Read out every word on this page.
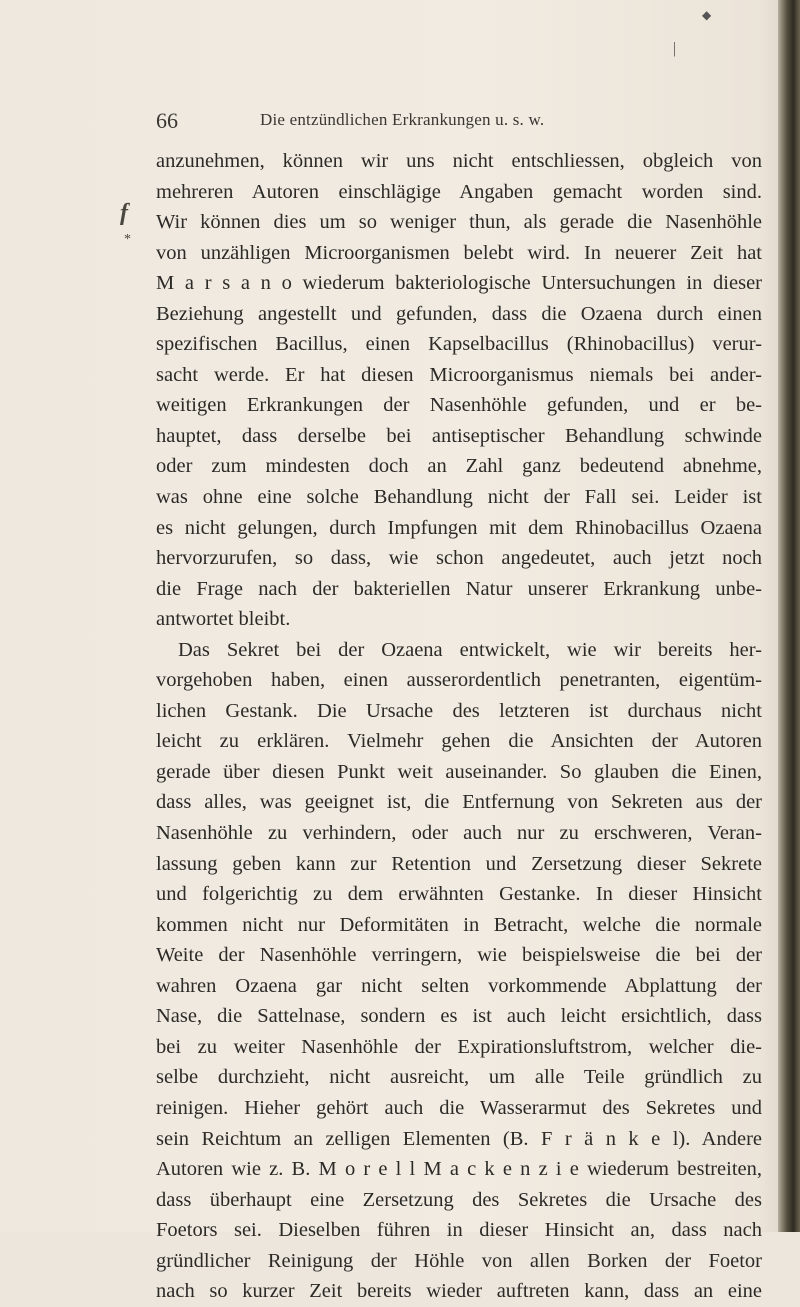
◆
|
66	Die entzündlichen Erkrankungen u. s. w.
f
*
anzunehmen, können wir uns nicht entschliessen, obgleich von
mehreren Autoren einschlägige Angaben gemacht worden sind.
Wir können dies um so weniger thun, als gerade die Nasenhöhle
von unzähligen Microorganismen belebt wird. In neuerer Zeit hat
M a r s a n o wiederum bakteriologische Untersuchungen in dieser
Beziehung angestellt und gefunden, dass die Ozaena durch einen
spezifischen Bacillus, einen Kapselbacillus (Rhinobacillus) verur-
sacht werde. Er hat diesen Microorganismus niemals bei ander-
weitigen Erkrankungen der Nasenhöhle gefunden, und er be-
hauptet, dass derselbe bei antiseptischer Behandlung schwinde
oder zum mindesten doch an Zahl ganz bedeutend abnehme,
was ohne eine solche Behandlung nicht der Fall sei. Leider ist
es nicht gelungen, durch Impfungen mit dem Rhinobacillus Ozaena
hervorzurufen, so dass, wie schon angedeutet, auch jetzt noch
die Frage nach der bakteriellen Natur unserer Erkrankung unbe-
antwortet bleibt.
Das Sekret bei der Ozaena entwickelt, wie wir bereits her-
vorgehoben haben, einen ausserordentlich penetranten, eigentüm-
lichen Gestank. Die Ursache des letzteren ist durchaus nicht
leicht zu erklären. Vielmehr gehen die Ansichten der Autoren
gerade über diesen Punkt weit auseinander. So glauben die Einen,
dass alles, was geeignet ist, die Entfernung von Sekreten aus der
Nasenhöhle zu verhindern, oder auch nur zu erschweren, Veran-
lassung geben kann zur Retention und Zersetzung dieser Sekrete
und folgerichtig zu dem erwähnten Gestanke. In dieser Hinsicht
kommen nicht nur Deformitäten in Betracht, welche die normale
Weite der Nasenhöhle verringern, wie beispielsweise die bei der
wahren Ozaena gar nicht selten vorkommende Abplattung der
Nase, die Sattelnase, sondern es ist auch leicht ersichtlich, dass
bei zu weiter Nasenhöhle der Expirationsluftstrom, welcher die-
selbe durchzieht, nicht ausreicht, um alle Teile gründlich zu
reinigen. Hieher gehört auch die Wasserarmut des Sekretes und
sein Reichtum an zelligen Elementen (B. F r ä n k e l). Andere
Autoren wie z. B. M o r e l l M a c k e n z i e wiederum bestreiten,
dass überhaupt eine Zersetzung des Sekretes die Ursache des
Foetors sei. Dieselben führen in dieser Hinsicht an, dass nach
gründlicher Reinigung der Höhle von allen Borken der Foetor
nach so kurzer Zeit bereits wieder auftreten kann, dass an eine
